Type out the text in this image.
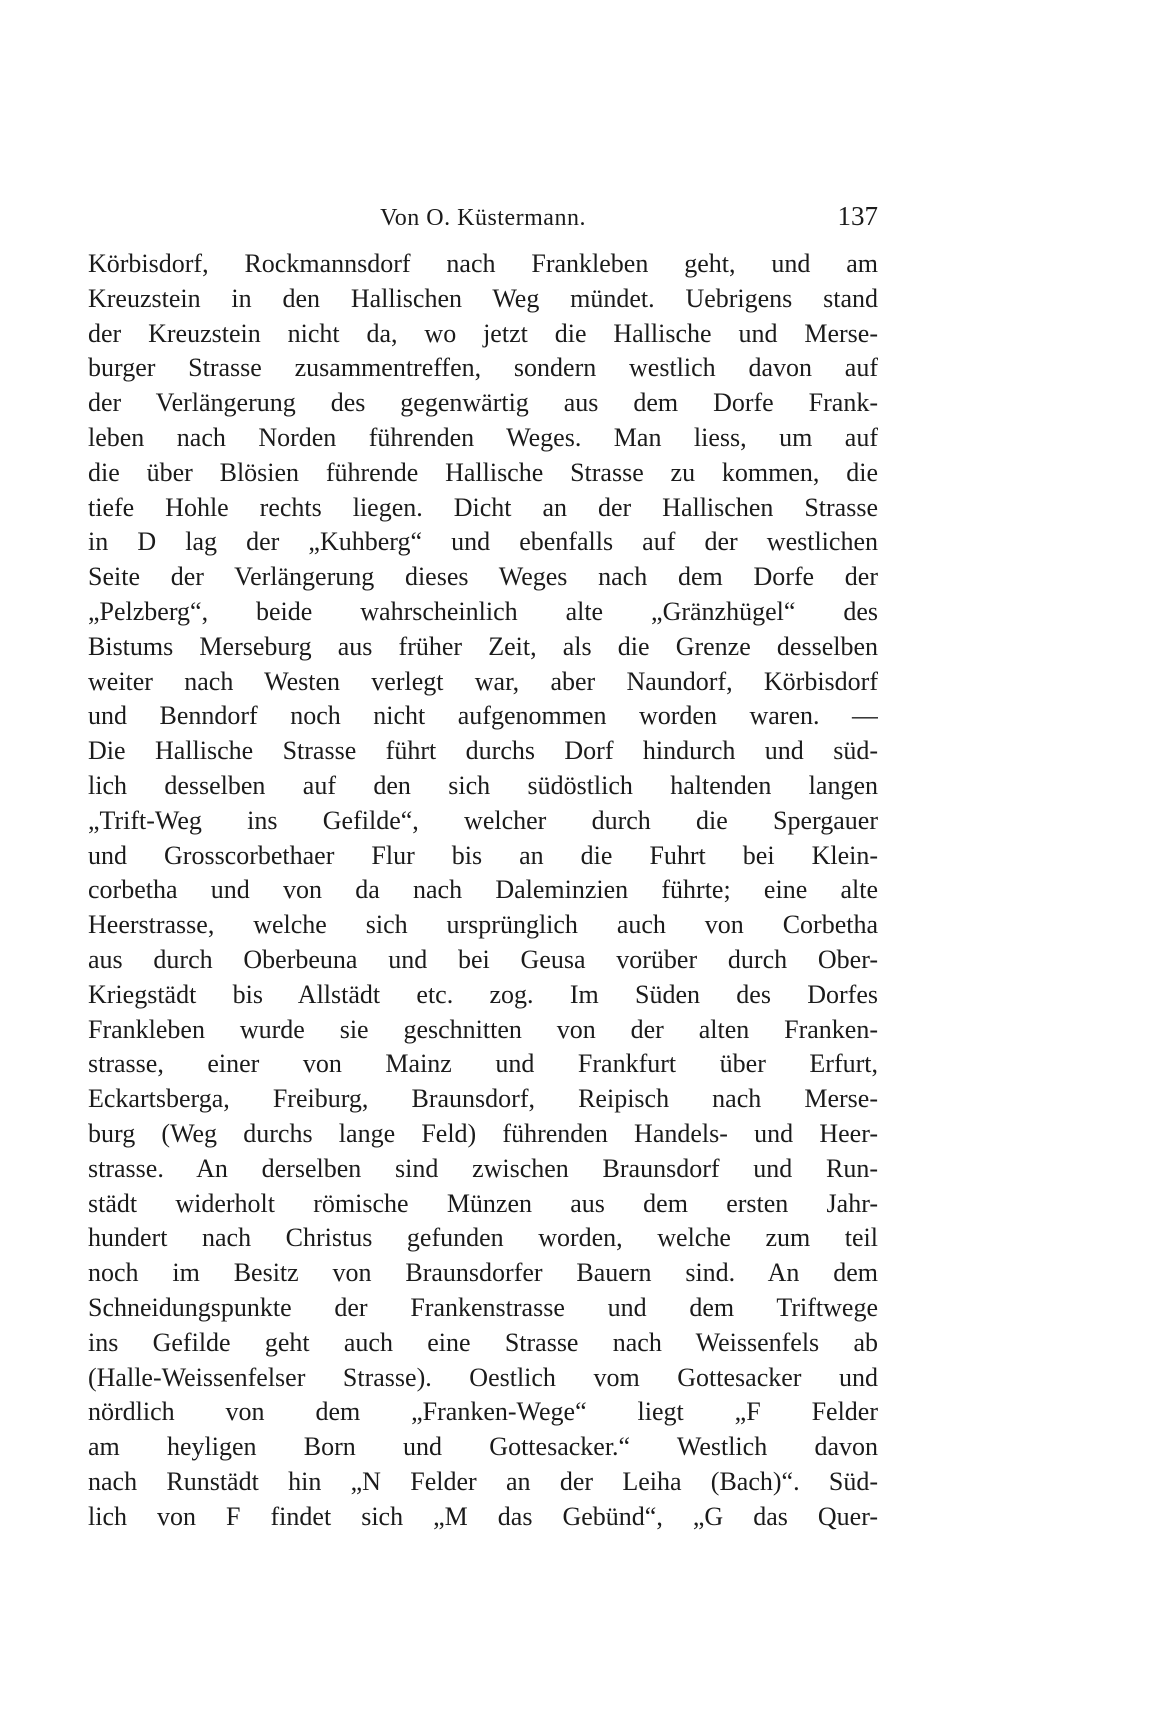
Von O. Küstermann.	137
Körbisdorf, Rockmannsdorf nach Frankleben geht, und am
Kreuzstein in den Hallischen Weg mündet. Uebrigens stand
der Kreuzstein nicht da, wo jetzt die Hallische und Merse-
burger Strasse zusammentreffen, sondern westlich davon auf
der Verlängerung des gegenwärtig aus dem Dorfe Frank-
leben nach Norden führenden Weges. Man liess, um auf
die über Blösien führende Hallische Strasse zu kommen, die
tiefe Hohle rechts liegen. Dicht an der Hallischen Strasse
in D lag der „Kuhberg“ und ebenfalls auf der westlichen
Seite der Verlängerung dieses Weges nach dem Dorfe der
„Pelzberg“, beide wahrscheinlich alte „Gränzhügel“ des
Bistums Merseburg aus früher Zeit, als die Grenze desselben
weiter nach Westen verlegt war, aber Naundorf, Körbisdorf
und Benndorf noch nicht aufgenommen worden waren. —
Die Hallische Strasse führt durchs Dorf hindurch und süd-
lich desselben auf den sich südöstlich haltenden langen
„Trift-Weg ins Gefilde“, welcher durch die Spergauer
und Grosscorbethaer Flur bis an die Fuhrt bei Klein-
corbetha und von da nach Daleminzien führte; eine alte
Heerstrasse, welche sich ursprünglich auch von Corbetha
aus durch Oberbeuna und bei Geusa vorüber durch Ober-
Kriegstädt bis Allstädt etc. zog. Im Süden des Dorfes
Frankleben wurde sie geschnitten von der alten Franken-
strasse, einer von Mainz und Frankfurt über Erfurt,
Eckartsberga, Freiburg, Braunsdorf, Reipisch nach Merse-
burg (Weg durchs lange Feld) führenden Handels- und Heer-
strasse. An derselben sind zwischen Braunsdorf und Run-
städt widerholt römische Münzen aus dem ersten Jahr-
hundert nach Christus gefunden worden, welche zum teil
noch im Besitz von Braunsdorfer Bauern sind. An dem
Schneidungspunkte der Frankenstrasse und dem Triftwege
ins Gefilde geht auch eine Strasse nach Weissenfels ab
(Halle-Weissenfelser Strasse). Oestlich vom Gottesacker und
nördlich von dem „Franken-Wege“ liegt „F Felder
am heyligen Born und Gottesacker.“ Westlich davon
nach Runstädt hin „N Felder an der Leiha (Bach)“. Süd-
lich von F findet sich „M das Gebünd“, „G das Quer-
